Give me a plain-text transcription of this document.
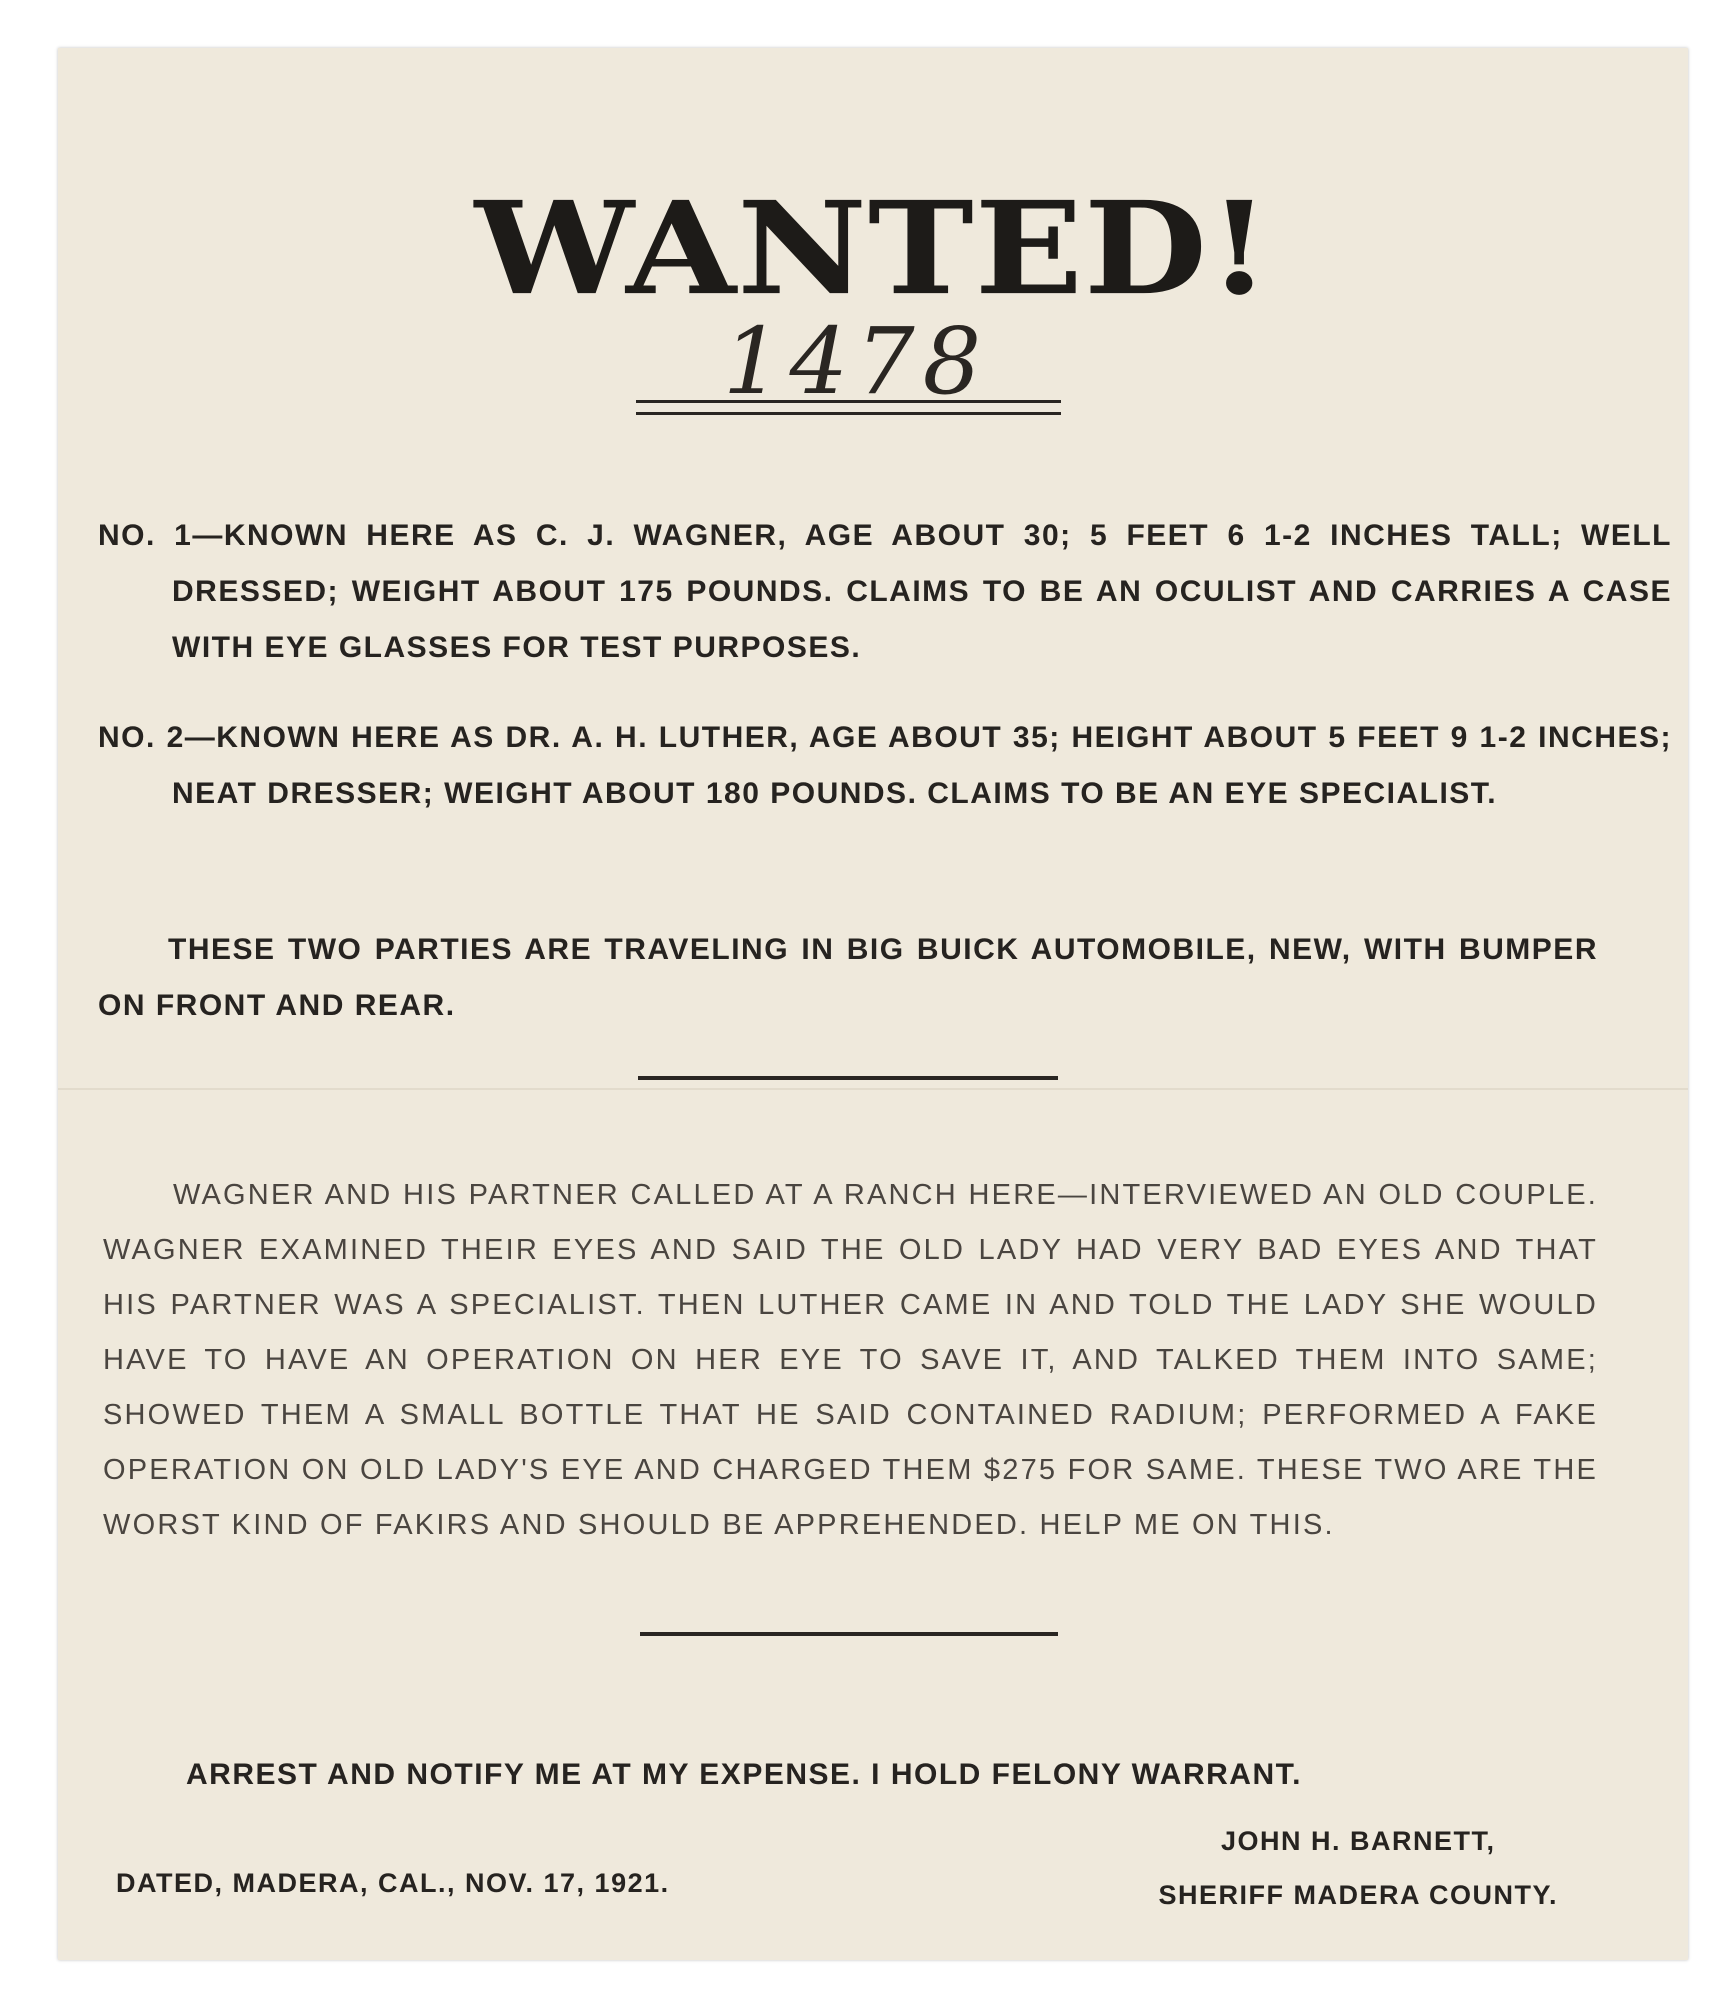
WANTED!
1478
NO. 1—KNOWN HERE AS C. J. WAGNER, AGE ABOUT 30; 5 FEET 6 1-2 INCHES TALL; WELL DRESSED; WEIGHT ABOUT 175 POUNDS. CLAIMS TO BE AN OCULIST AND CARRIES A CASE WITH EYE GLASSES FOR TEST PURPOSES.
NO. 2—KNOWN HERE AS DR. A. H. LUTHER, AGE ABOUT 35; HEIGHT ABOUT 5 FEET 9 1-2 INCHES; NEAT DRESSER; WEIGHT ABOUT 180 POUNDS. CLAIMS TO BE AN EYE SPECIALIST.
THESE TWO PARTIES ARE TRAVELING IN BIG BUICK AUTOMOBILE, NEW, WITH BUMPER ON FRONT AND REAR.
WAGNER AND HIS PARTNER CALLED AT A RANCH HERE—INTERVIEWED AN OLD COUPLE. WAGNER EXAMINED THEIR EYES AND SAID THE OLD LADY HAD VERY BAD EYES AND THAT HIS PARTNER WAS A SPECIALIST. THEN LUTHER CAME IN AND TOLD THE LADY SHE WOULD HAVE TO HAVE AN OPERATION ON HER EYE TO SAVE IT, AND TALKED THEM INTO SAME; SHOWED THEM A SMALL BOTTLE THAT HE SAID CONTAINED RADIUM; PERFORMED A FAKE OPERATION ON OLD LADY'S EYE AND CHARGED THEM $275 FOR SAME. THESE TWO ARE THE WORST KIND OF FAKIRS AND SHOULD BE APPREHENDED. HELP ME ON THIS.
ARREST AND NOTIFY ME AT MY EXPENSE. I HOLD FELONY WARRANT.
DATED, MADERA, CAL., NOV. 17, 1921.
JOHN H. BARNETT,
SHERIFF MADERA COUNTY.
